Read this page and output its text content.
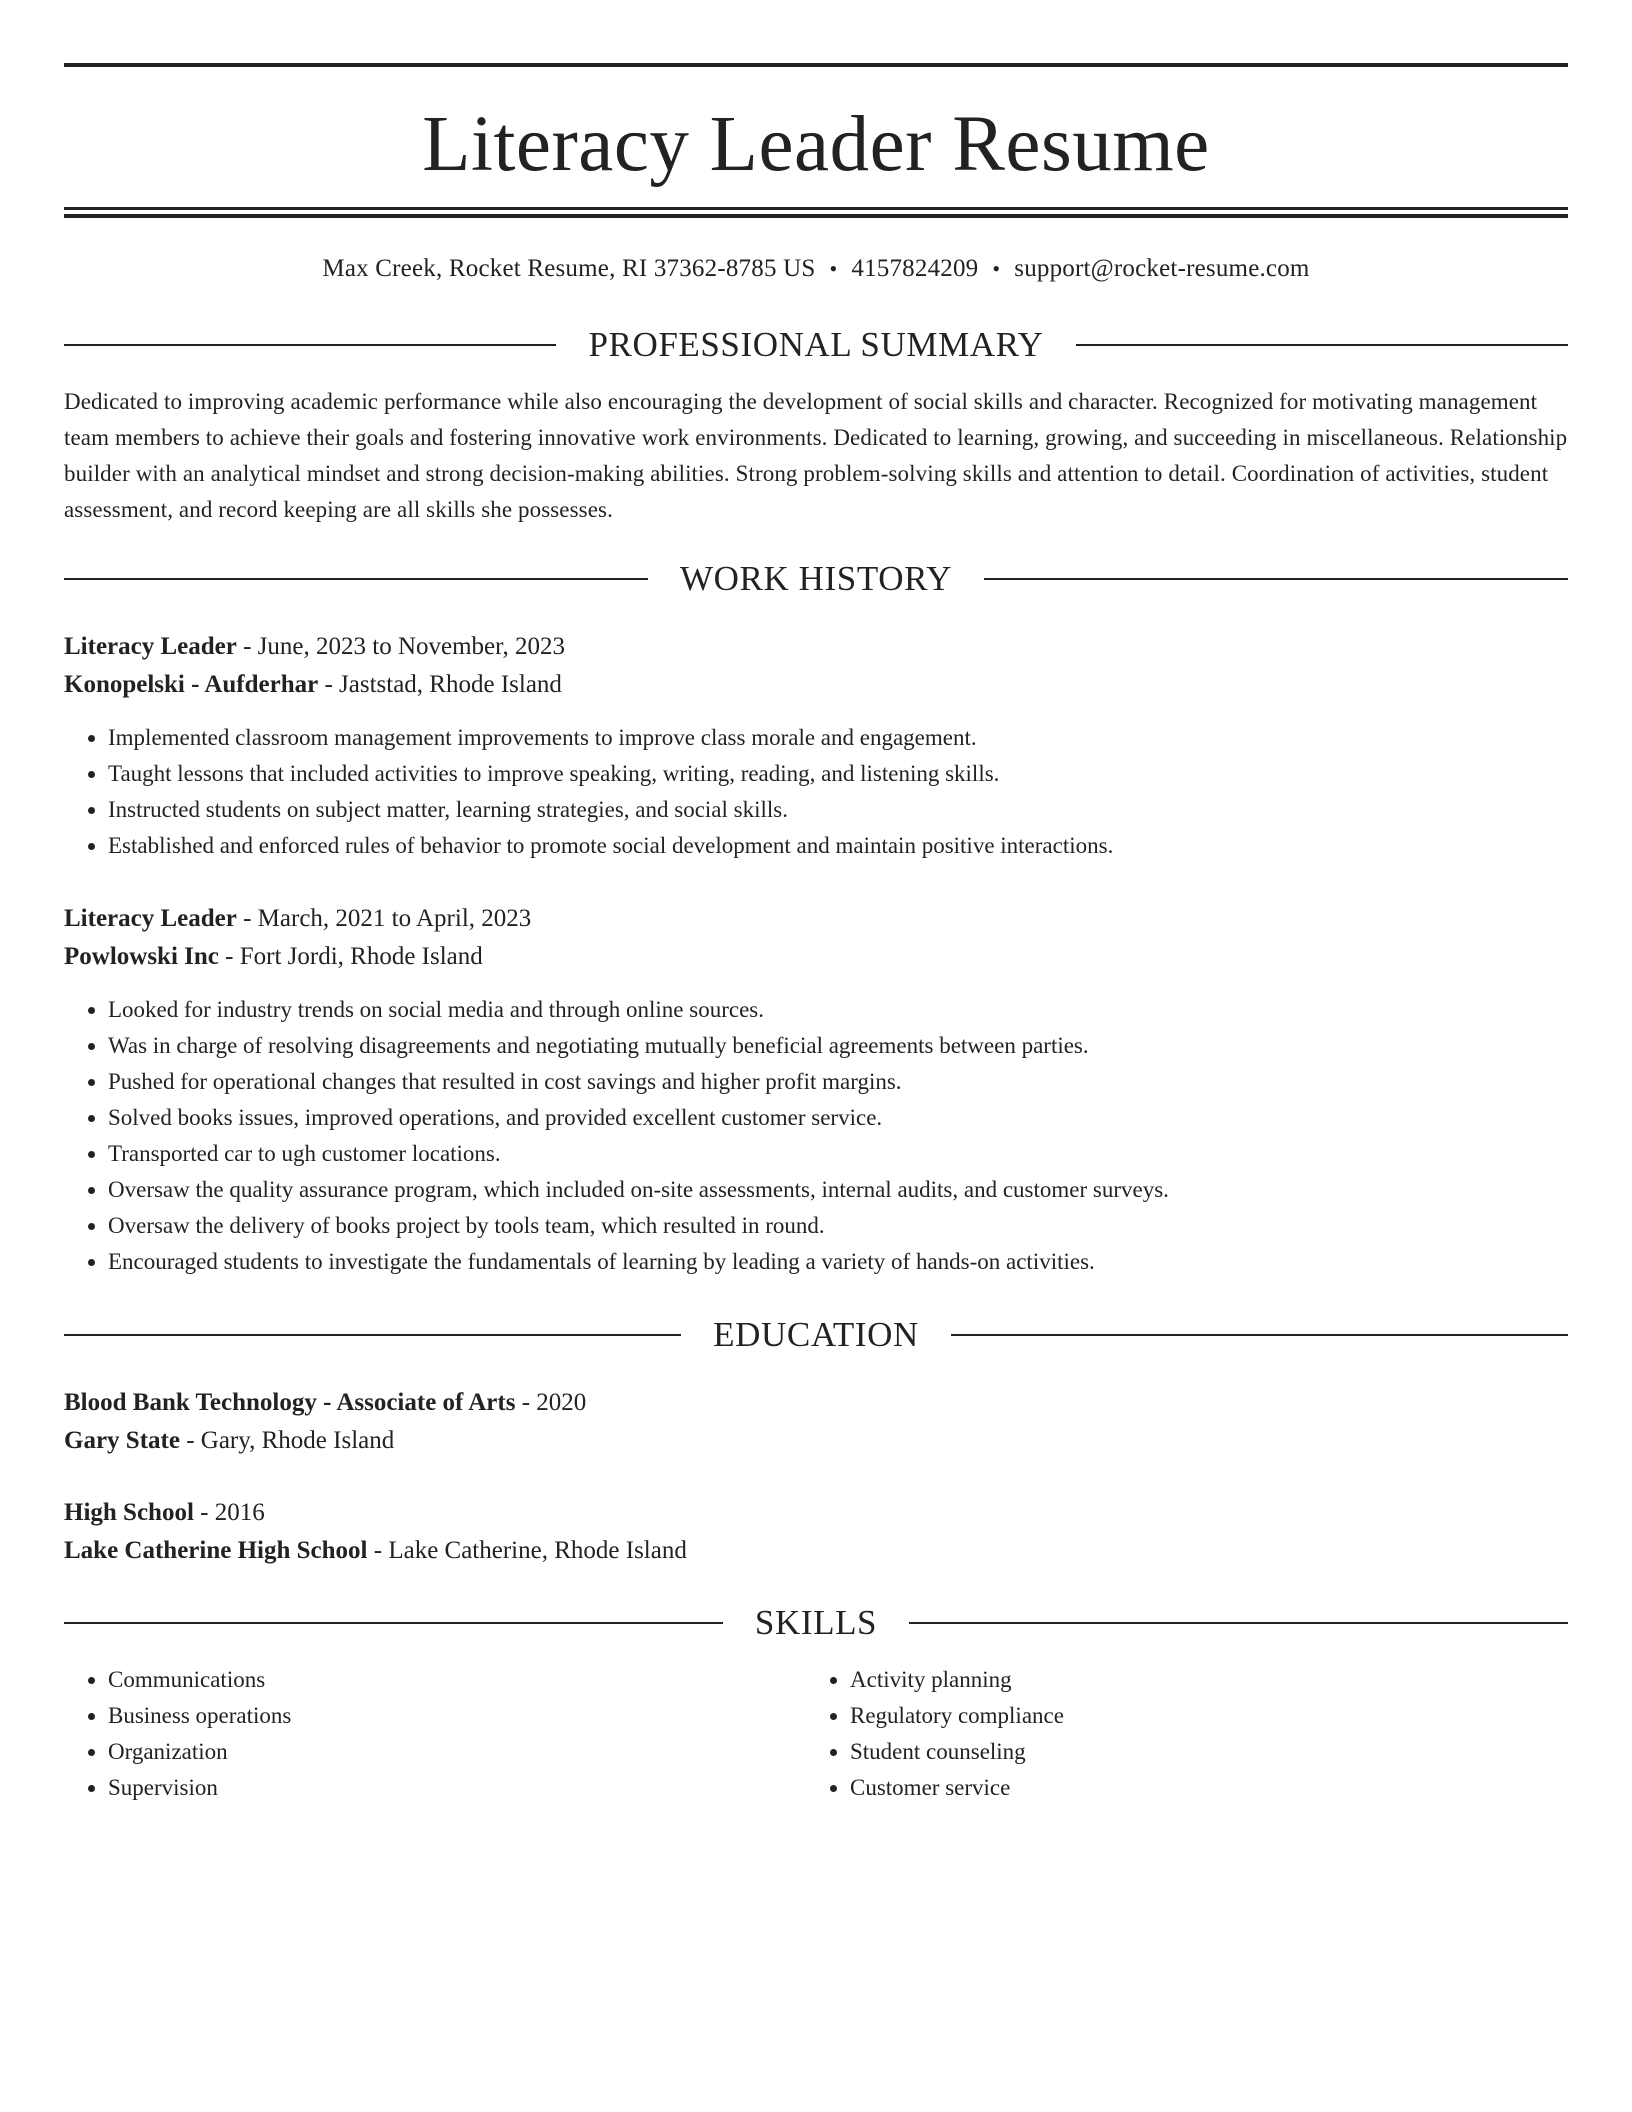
Literacy Leader Resume
Max Creek, Rocket Resume, RI 37362-8785 US • 4157824209 • support@rocket-resume.com
PROFESSIONAL SUMMARY
Dedicated to improving academic performance while also encouraging the development of social skills and character. Recognized for motivating management team members to achieve their goals and fostering innovative work environments. Dedicated to learning, growing, and succeeding in miscellaneous. Relationship builder with an analytical mindset and strong decision-making abilities. Strong problem-solving skills and attention to detail. Coordination of activities, student assessment, and record keeping are all skills she possesses.
WORK HISTORY
Literacy Leader - June, 2023 to November, 2023
Konopelski - Aufderhar - Jaststad, Rhode Island
• Implemented classroom management improvements to improve class morale and engagement.
• Taught lessons that included activities to improve speaking, writing, reading, and listening skills.
• Instructed students on subject matter, learning strategies, and social skills.
• Established and enforced rules of behavior to promote social development and maintain positive interactions.
Literacy Leader - March, 2021 to April, 2023
Powlowski Inc - Fort Jordi, Rhode Island
• Looked for industry trends on social media and through online sources.
• Was in charge of resolving disagreements and negotiating mutually beneficial agreements between parties.
• Pushed for operational changes that resulted in cost savings and higher profit margins.
• Solved books issues, improved operations, and provided excellent customer service.
• Transported car to ugh customer locations.
• Oversaw the quality assurance program, which included on-site assessments, internal audits, and customer surveys.
• Oversaw the delivery of books project by tools team, which resulted in round.
• Encouraged students to investigate the fundamentals of learning by leading a variety of hands-on activities.
EDUCATION
Blood Bank Technology - Associate of Arts - 2020
Gary State - Gary, Rhode Island
High School - 2016
Lake Catherine High School - Lake Catherine, Rhode Island
SKILLS
• Communications
• Business operations
• Organization
• Supervision
• Activity planning
• Regulatory compliance
• Student counseling
• Customer service
